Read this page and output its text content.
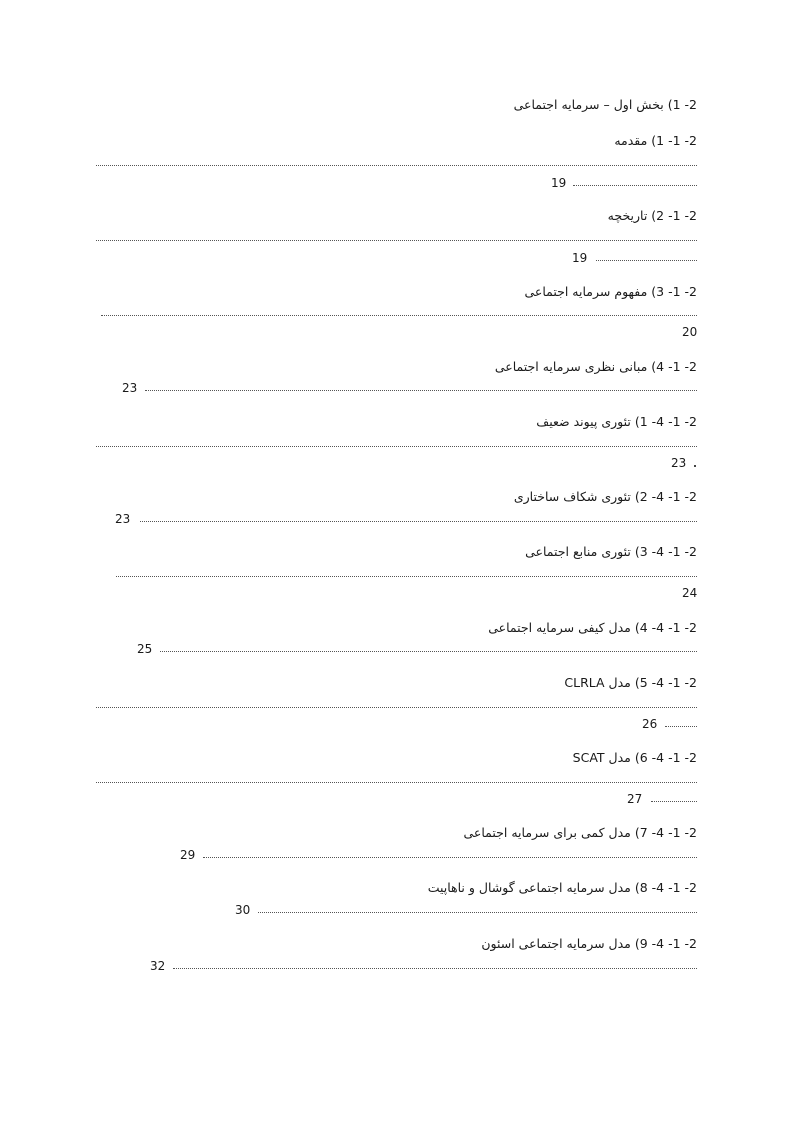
2- 1) بخش اول – سرمایه اجتماعی
2- 1- 1) مقدمه
19
2- 1- 2) تاریخچه
19
2- 1- 3) مفهوم سرمایه اجتماعی
20
2- 1- 4) مبانی نظری سرمایه اجتماعی
23
2- 1- 4- 1) تئوری پیوند ضعیف
23
2- 1- 4- 2) تئوری شکاف ساختاری
23
2- 1- 4- 3) تئوری منابع اجتماعی
24
2- 1- 4- 4) مدل کیفی سرمایه اجتماعی
25
2- 1- 4- 5) مدل CLRLA
26
2- 1- 4- 6) مدل SCAT
27
2- 1- 4- 7) مدل کمی برای سرمایه اجتماعی
29
2- 1- 4- 8) مدل سرمایه اجتماعی گوشال و ناهاپیت
30
2- 1- 4- 9) مدل سرمایه اجتماعی اسئون
32
